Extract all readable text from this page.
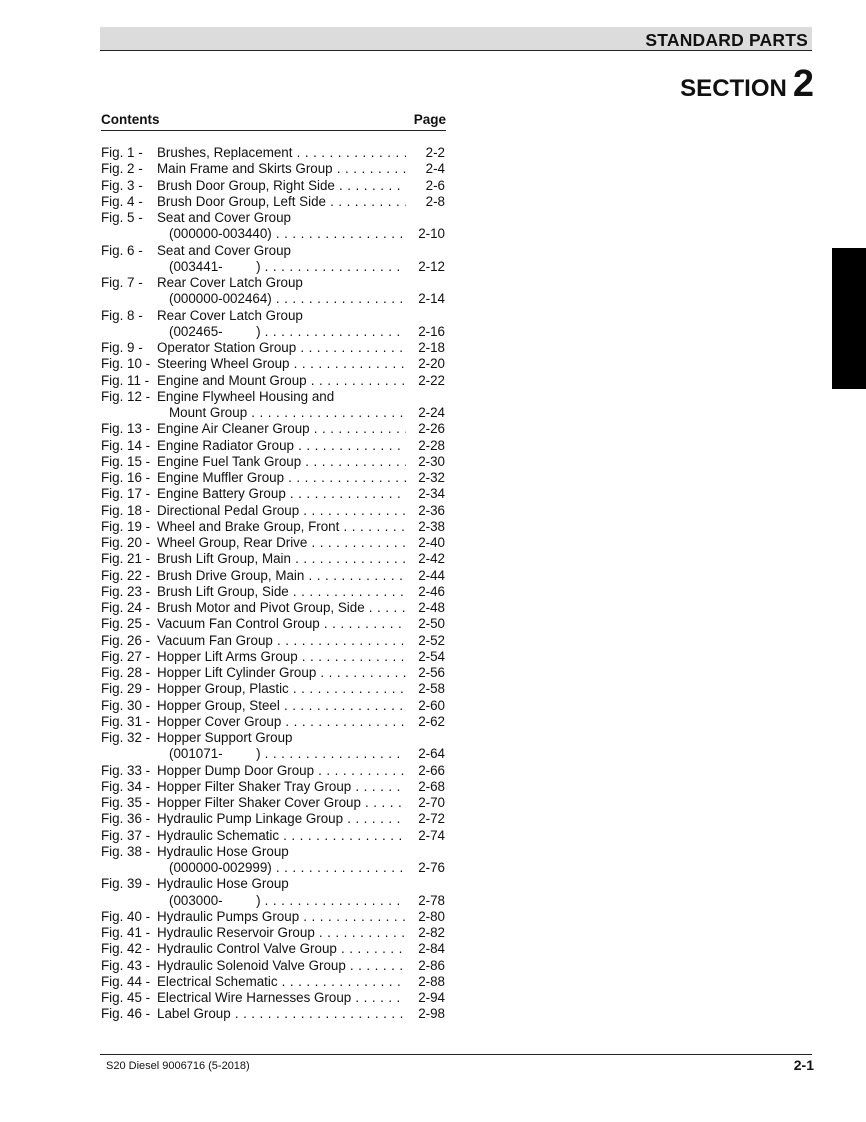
STANDARD PARTS
SECTION 2
Contents	Page
Fig. 1 - Brushes, Replacement . . .	2-2
Fig. 2 - Main Frame and Skirts Group . . .	2-4
Fig. 3 - Brush Door Group, Right Side . . .	2-6
Fig. 4 - Brush Door Group, Left Side . . .	2-8
Fig. 5 - Seat and Cover Group
(000000-003440) . . .	2-10
Fig. 6 - Seat and Cover Group
(003441-         ) . . .	2-12
Fig. 7 - Rear Cover Latch Group
(000000-002464) . . .	2-14
Fig. 8 - Rear Cover Latch Group
(002465-         ) . . .	2-16
Fig. 9 - Operator Station Group . . .	2-18
Fig. 10 - Steering Wheel Group . . .	2-20
Fig. 11 - Engine and Mount Group . . .	2-22
Fig. 12 - Engine Flywheel Housing and
Mount Group . . .	2-24
Fig. 13 - Engine Air Cleaner Group . . .	2-26
Fig. 14 - Engine Radiator Group . . .	2-28
Fig. 15 - Engine Fuel Tank Group . . .	2-30
Fig. 16 - Engine Muffler Group . . .	2-32
Fig. 17 - Engine Battery Group . . .	2-34
Fig. 18 - Directional Pedal Group . . .	2-36
Fig. 19 - Wheel and Brake Group, Front . . .	2-38
Fig. 20 - Wheel Group, Rear Drive . . .	2-40
Fig. 21 - Brush Lift Group, Main . . .	2-42
Fig. 22 - Brush Drive Group, Main . . .	2-44
Fig. 23 - Brush Lift Group, Side . . .	2-46
Fig. 24 - Brush Motor and Pivot Group, Side . . .	2-48
Fig. 25 - Vacuum Fan Control Group . . .	2-50
Fig. 26 - Vacuum Fan Group . . .	2-52
Fig. 27 - Hopper Lift Arms Group . . .	2-54
Fig. 28 - Hopper Lift Cylinder Group . . .	2-56
Fig. 29 - Hopper Group, Plastic . . .	2-58
Fig. 30 - Hopper Group, Steel . . .	2-60
Fig. 31 - Hopper Cover Group . . .	2-62
Fig. 32 - Hopper Support Group
(001071-         ) . . .	2-64
Fig. 33 - Hopper Dump Door Group . . .	2-66
Fig. 34 - Hopper Filter Shaker Tray Group . . .	2-68
Fig. 35 - Hopper Filter Shaker Cover Group . . .	2-70
Fig. 36 - Hydraulic Pump Linkage Group . . .	2-72
Fig. 37 - Hydraulic Schematic . . .	2-74
Fig. 38 - Hydraulic Hose Group
(000000-002999) . . .	2-76
Fig. 39 - Hydraulic Hose Group
(003000-         ) . . .	2-78
Fig. 40 - Hydraulic Pumps Group . . .	2-80
Fig. 41 - Hydraulic Reservoir Group . . .	2-82
Fig. 42 - Hydraulic Control Valve Group . . .	2-84
Fig. 43 - Hydraulic Solenoid Valve Group . . .	2-86
Fig. 44 - Electrical Schematic . . .	2-88
Fig. 45 - Electrical Wire Harnesses Group . . .	2-94
Fig. 46 - Label Group . . .	2-98
S20 Diesel 9006716 (5-2018)	2-1
